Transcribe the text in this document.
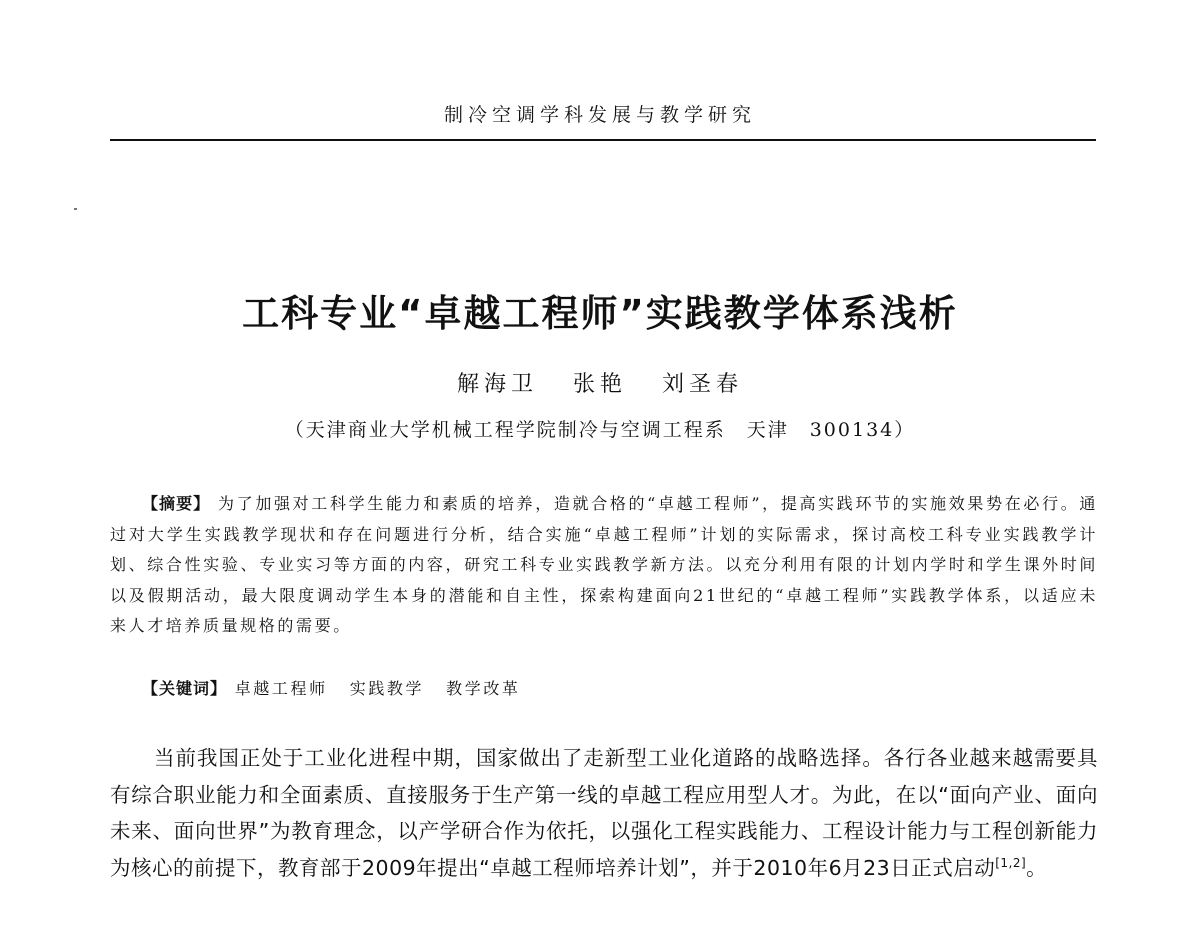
制冷空调学科发展与教学研究
工科专业“卓越工程师”实践教学体系浅析
解海卫 张艳 刘圣春
（天津商业大学机械工程学院制冷与空调工程系　天津　300134）
【摘要】 为了加强对工科学生能力和素质的培养，造就合格的“卓越工程师”，提高实践环节的实施效果势在必行。通过对大学生实践教学现状和存在问题进行分析，结合实施“卓越工程师”计划的实际需求，探讨高校工科专业实践教学计划、综合性实验、专业实习等方面的内容，研究工科专业实践教学新方法。以充分利用有限的计划内学时和学生课外时间以及假期活动，最大限度调动学生本身的潜能和自主性，探索构建面向21世纪的“卓越工程师”实践教学体系，以适应未来人才培养质量规格的需要。
【关键词】 卓越工程师 实践教学 教学改革
当前我国正处于工业化进程中期，国家做出了走新型工业化道路的战略选择。各行各业越来越需要具有综合职业能力和全面素质、直接服务于生产第一线的卓越工程应用型人才。为此，在以“面向产业、面向未来、面向世界”为教育理念，以产学研合作为依托，以强化工程实践能力、工程设计能力与工程创新能力为核心的前提下，教育部于2009年提出“卓越工程师培养计划”，并于2010年6月23日正式启动[1,2]。
